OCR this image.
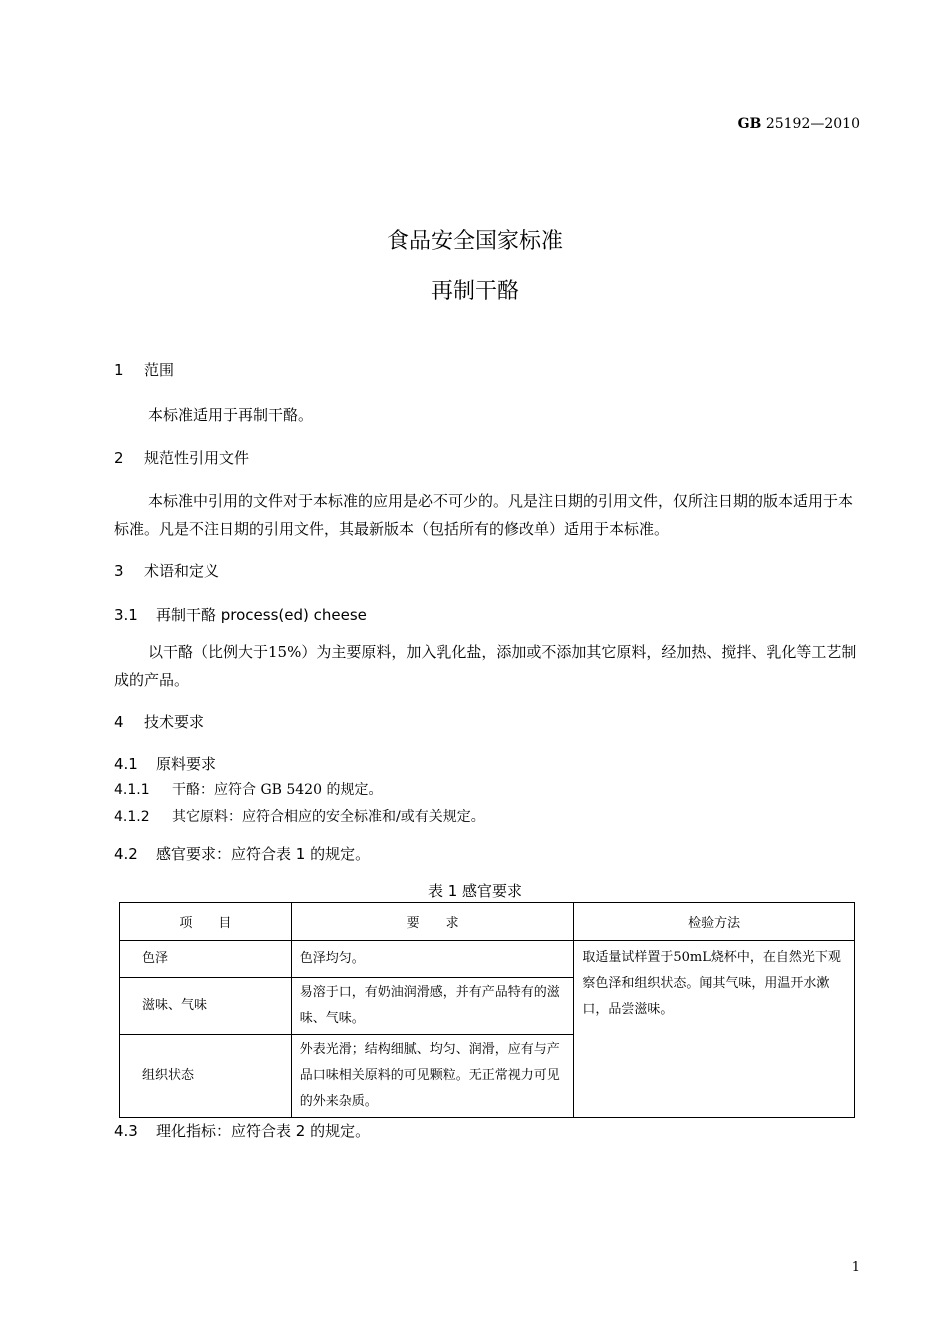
GB 25192—2010
食品安全国家标准
再制干酪
1 范围
本标准适用于再制干酪。
2 规范性引用文件
本标准中引用的文件对于本标准的应用是必不可少的。凡是注日期的引用文件，仅所注日期的版本适用于本标准。凡是不注日期的引用文件，其最新版本（包括所有的修改单）适用于本标准。
3 术语和定义
3.1 再制干酪 process(ed) cheese
以干酪（比例大于15%）为主要原料，加入乳化盐，添加或不添加其它原料，经加热、搅拌、乳化等工艺制成的产品。
4 技术要求
4.1 原料要求
4.1.1 干酪：应符合 GB 5420 的规定。
4.1.2 其它原料：应符合相应的安全标准和/或有关规定。
4.2 感官要求：应符合表 1 的规定。
表 1 感官要求
项　　目	要　　求	检验方法
色泽	色泽均匀。	取适量试样置于50mL烧杯中，在自然光下观察色泽和组织状态。闻其气味，用温开水漱口，品尝滋味。
滋味、气味	易溶于口，有奶油润滑感，并有产品特有的滋味、气味。	
组织状态	外表光滑；结构细腻、均匀、润滑，应有与产品口味相关原料的可见颗粒。无正常视力可见的外来杂质。	
4.3 理化指标：应符合表 2 的规定。
1
